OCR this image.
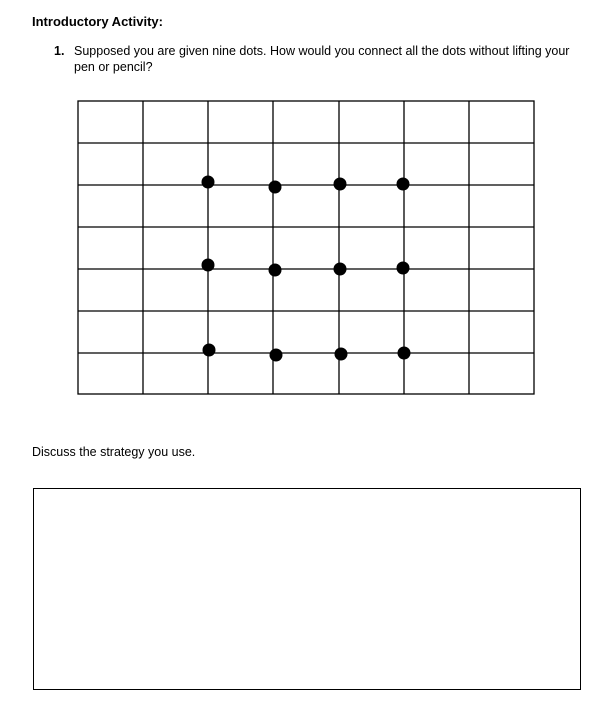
Introductory Activity:
1. Supposed you are given nine dots. How would you connect all the dots without lifting your pen or pencil?
Discuss the strategy you use.
